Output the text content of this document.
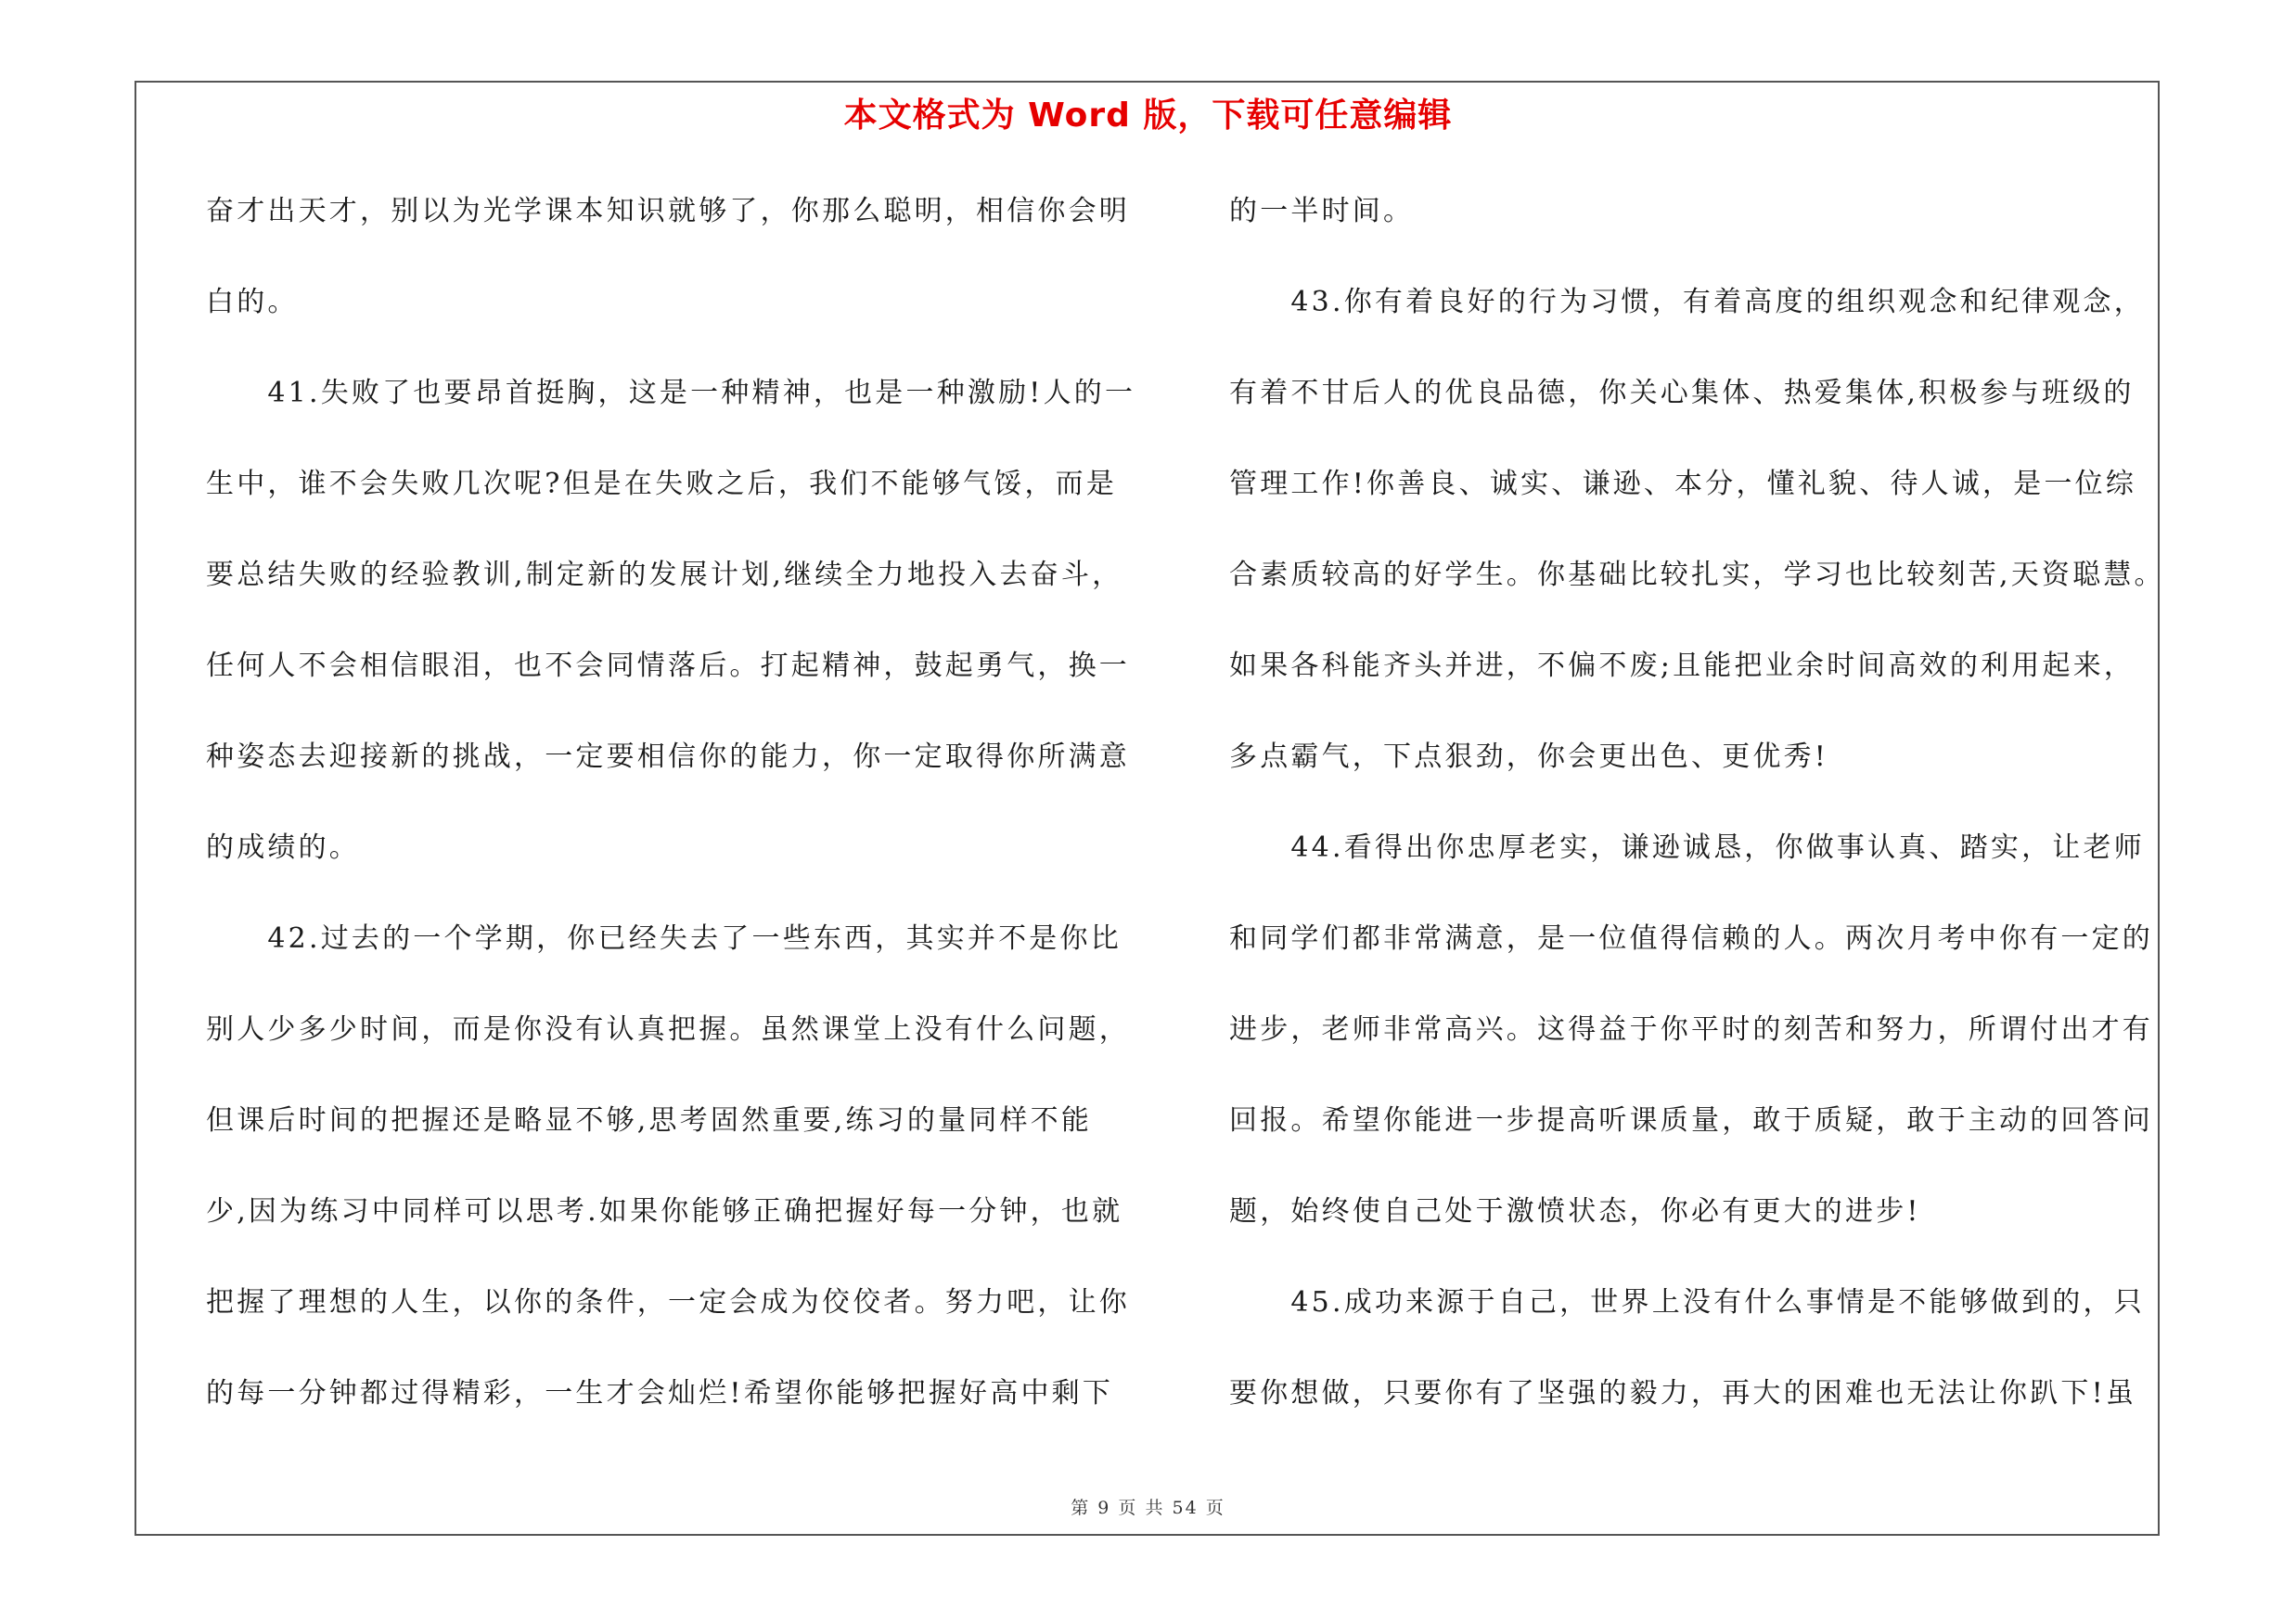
本文格式为 Word 版，下载可任意编辑
奋才出天才，别以为光学课本知识就够了，你那么聪明，相信你会明
白的。
　　41.失败了也要昂首挺胸，这是一种精神，也是一种激励!人的一
生中，谁不会失败几次呢?但是在失败之后，我们不能够气馁，而是
要总结失败的经验教训,制定新的发展计划,继续全力地投入去奋斗，
任何人不会相信眼泪，也不会同情落后。打起精神，鼓起勇气，换一
种姿态去迎接新的挑战，一定要相信你的能力，你一定取得你所满意
的成绩的。
　　42.过去的一个学期，你已经失去了一些东西，其实并不是你比
别人少多少时间，而是你没有认真把握。虽然课堂上没有什么问题，
但课后时间的把握还是略显不够,思考固然重要,练习的量同样不能
少,因为练习中同样可以思考.如果你能够正确把握好每一分钟，也就
把握了理想的人生，以你的条件，一定会成为佼佼者。努力吧，让你
的每一分钟都过得精彩，一生才会灿烂!希望你能够把握好高中剩下
的一半时间。
　　43.你有着良好的行为习惯，有着高度的组织观念和纪律观念，
有着不甘后人的优良品德，你关心集体、热爱集体,积极参与班级的
管理工作!你善良、诚实、谦逊、本分，懂礼貌、待人诚，是一位综
合素质较高的好学生。你基础比较扎实，学习也比较刻苦,天资聪慧。
如果各科能齐头并进，不偏不废;且能把业余时间高效的利用起来，
多点霸气，下点狠劲，你会更出色、更优秀!
　　44.看得出你忠厚老实，谦逊诚恳，你做事认真、踏实，让老师
和同学们都非常满意，是一位值得信赖的人。两次月考中你有一定的
进步，老师非常高兴。这得益于你平时的刻苦和努力，所谓付出才有
回报。希望你能进一步提高听课质量，敢于质疑，敢于主动的回答问
题，始终使自己处于激愤状态，你必有更大的进步!
　　45.成功来源于自己，世界上没有什么事情是不能够做到的，只
要你想做，只要你有了坚强的毅力，再大的困难也无法让你趴下!虽
第 9 页 共 54 页
